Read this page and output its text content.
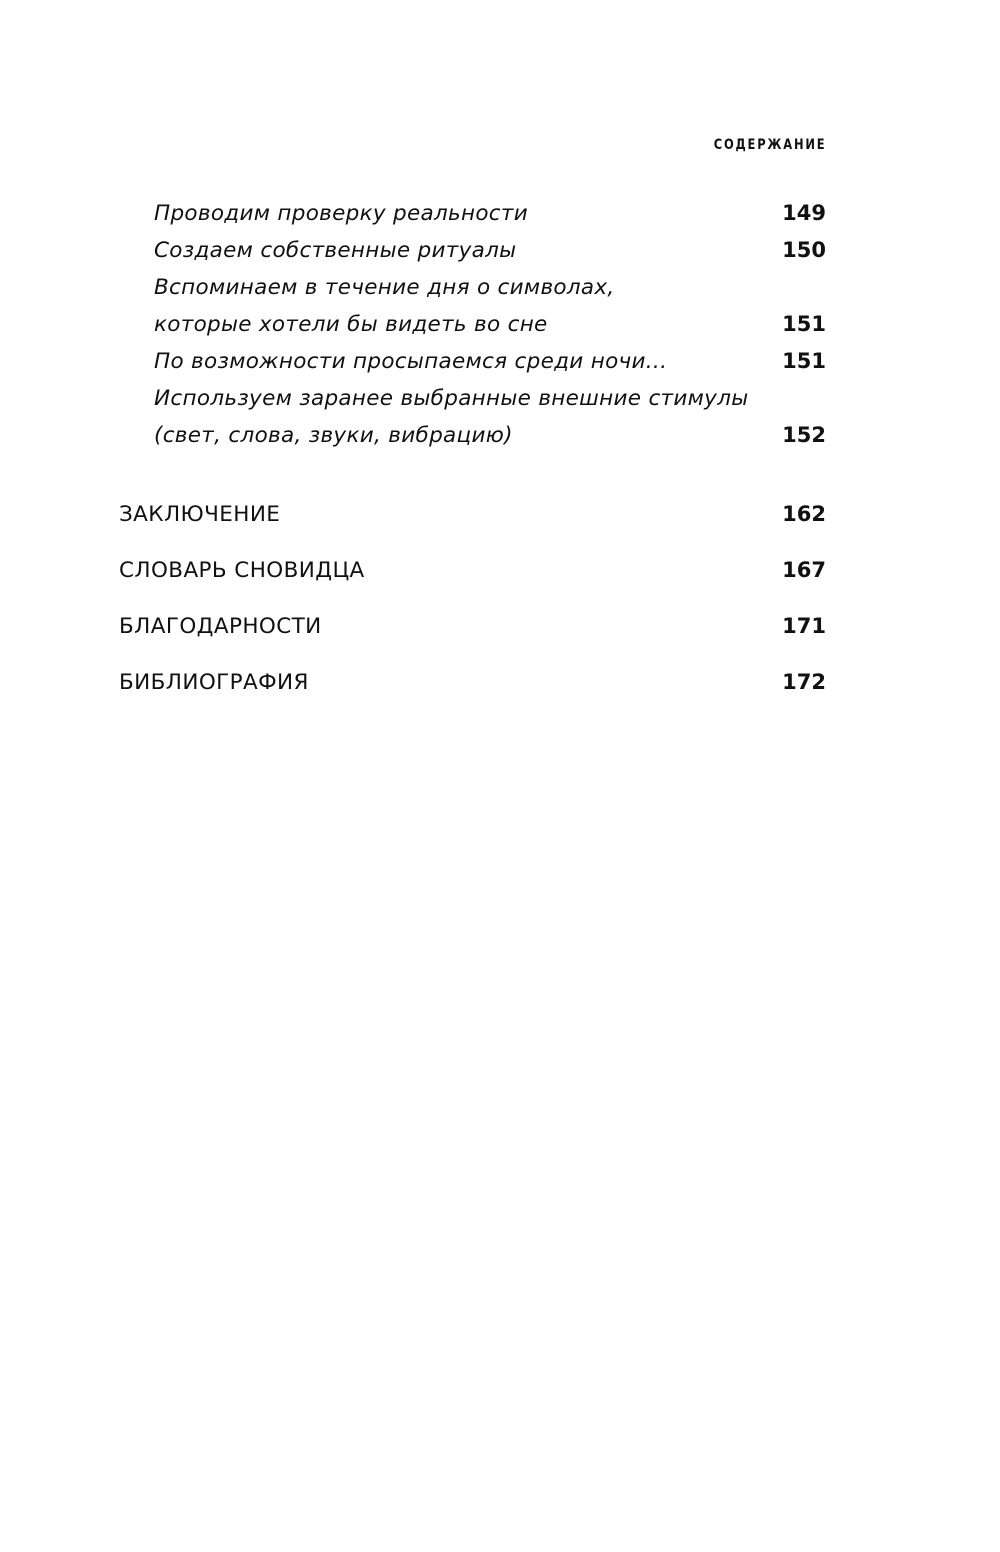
СОДЕРЖАНИЕ
Проводим проверку реальности	149
Создаем собственные ритуалы	150
Вспоминаем в течение дня о символах,
которые хотели бы видеть во сне	151
По возможности просыпаемся среди ночи...	151
Используем заранее выбранные внешние стимулы
(свет, слова, звуки, вибрацию)	152
ЗАКЛЮЧЕНИЕ	162
СЛОВАРЬ СНОВИДЦА	167
БЛАГОДАРНОСТИ	171
БИБЛИОГРАФИЯ	172
